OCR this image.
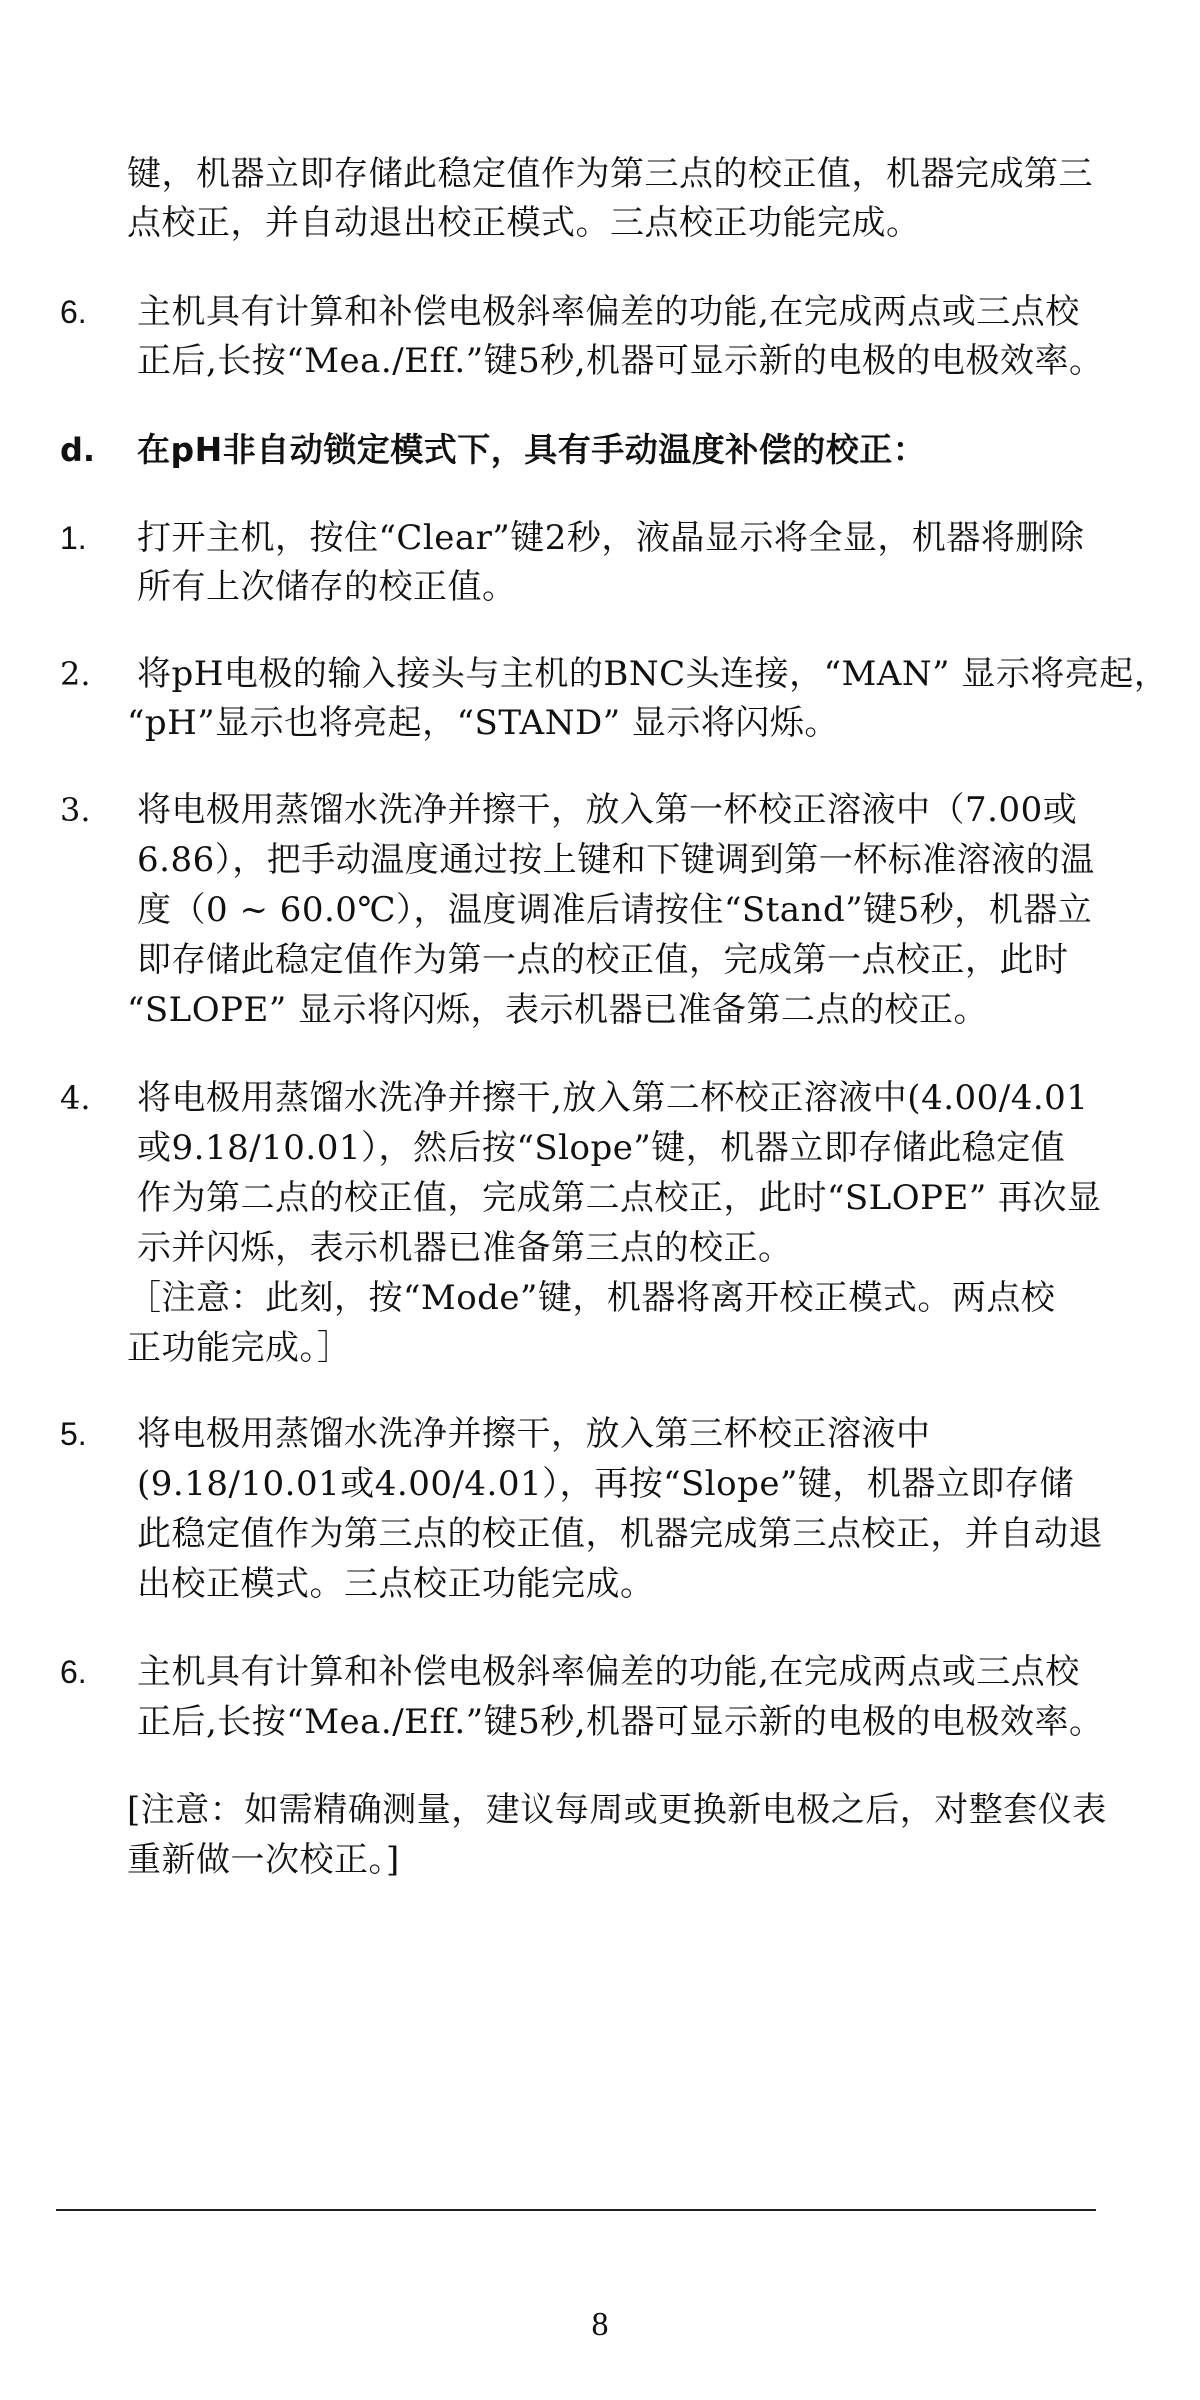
键，机器立即存储此稳定值作为第三点的校正值，机器完成第三
点校正，并自动退出校正模式。三点校正功能完成。
6. 主机具有计算和补偿电极斜率偏差的功能,在完成两点或三点校
正后,长按“Mea./Eff.”键5秒,机器可显示新的电极的电极效率。
d. 在pH非自动锁定模式下，具有手动温度补偿的校正：
1. 打开主机，按住“Clear”键2秒，液晶显示将全显，机器将删除
所有上次储存的校正值。
2. 将pH电极的输入接头与主机的BNC头连接，“MAN” 显示将亮起，
“pH”显示也将亮起，“STAND” 显示将闪烁。
3. 将电极用蒸馏水洗净并擦干，放入第一杯校正溶液中（7.00或
6.86），把手动温度通过按上键和下键调到第一杯标准溶液的温
度（0 ~ 60.0℃），温度调准后请按住“Stand”键5秒，机器立
即存储此稳定值作为第一点的校正值，完成第一点校正，此时
“SLOPE” 显示将闪烁，表示机器已准备第二点的校正。
4. 将电极用蒸馏水洗净并擦干,放入第二杯校正溶液中(4.00/4.01
或9.18/10.01），然后按“Slope”键，机器立即存储此稳定值
作为第二点的校正值，完成第二点校正，此时“SLOPE” 再次显
示并闪烁，表示机器已准备第三点的校正。
［注意：此刻，按“Mode”键，机器将离开校正模式。两点校
正功能完成。］
5. 将电极用蒸馏水洗净并擦干，放入第三杯校正溶液中
(9.18/10.01或4.00/4.01），再按“Slope”键，机器立即存储
此稳定值作为第三点的校正值，机器完成第三点校正，并自动退
出校正模式。三点校正功能完成。
6. 主机具有计算和补偿电极斜率偏差的功能,在完成两点或三点校
正后,长按“Mea./Eff.”键5秒,机器可显示新的电极的电极效率。
[注意：如需精确测量，建议每周或更换新电极之后，对整套仪表
重新做一次校正。]
8
